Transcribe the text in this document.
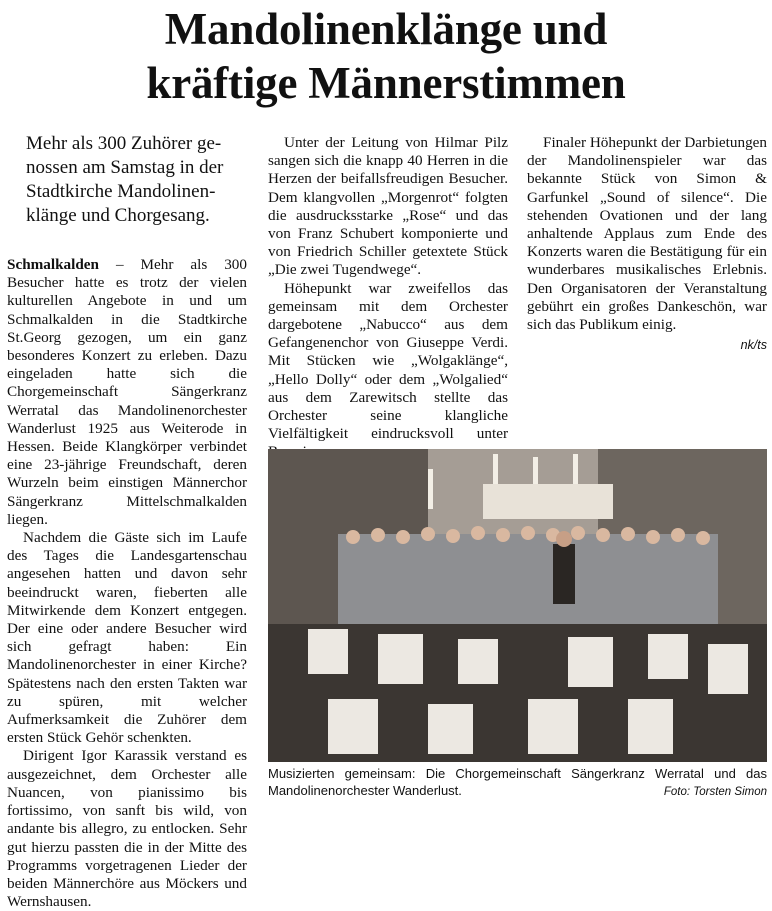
Mandolinenklänge und
kräftige Männerstimmen

Mehr als 300 Zuhörer ge-

nossen am Samstag in der

Stadtkirche Mandolinen-

klänge und Chorgesang.

Schmalkalden – Mehr als 300 Besucher hatte es trotz der vielen kulturellen Angebote in und um Schmalkalden in die Stadtkirche St.Georg gezogen, um ein ganz besonderes Konzert zu erleben. Dazu eingeladen hatte sich die Chorgemeinschaft Sängerkranz Werratal das Mandolinenorchester Wanderlust 1925 aus Weiterode in Hessen. Beide Klangkörper verbindet eine 23-jährige Freundschaft, deren Wurzeln beim einstigen Männerchor Sängerkranz Mittelschmalkalden liegen.

Nachdem die Gäste sich im Laufe des Tages die Landesgartenschau angesehen hatten und davon sehr beeindruckt waren, fieberten alle Mitwirkende dem Konzert entgegen. Der eine oder andere Besucher wird sich gefragt haben: Ein Mandolinenorchester in einer Kirche? Spätestens nach den ersten Takten war zu spüren, mit welcher Aufmerksamkeit die Zuhörer dem ersten Stück Gehör schenkten.

Dirigent Igor Karassik verstand es ausgezeichnet, dem Orchester alle Nuancen, von pianissimo bis fortissimo, von sanft bis wild, von andante bis allegro, zu entlocken. Sehr gut hierzu passten die in der Mitte des Programms vorgetragenen Lieder der beiden Männerchöre aus Möckers und Wernshausen.

Unter der Leitung von Hilmar Pilz sangen sich die knapp 40 Herren in die Herzen der beifallsfreudigen Besucher. Dem klangvollen „Morgenrot“ folgten die ausdrucksstarke „Rose“ und das von Franz Schubert komponierte und von Friedrich Schiller getextete Stück „Die zwei Tugendwege“.

Höhepunkt war zweifellos das gemeinsam mit dem Orchester dargebotene „Nabucco“ aus dem Gefangenenchor von Giuseppe Verdi. Mit Stücken wie „Wolgaklänge“, „Hello Dolly“ oder dem „Wolgalied“ aus dem Zarewitsch stellte das Orchester seine klangliche Vielfältigkeit eindrucksvoll unter

Finaler Höhepunkt der Darbietungen der Mandolinenspieler war das bekannte Stück von Simon & Garfunkel „Sound of silence“. Die stehenden Ovationen und der lang anhaltende Applaus zum Ende des Konzerts waren die Bestätigung für ein wunderbares musikalisches Erlebnis. Den Organisatoren der Veranstaltung gebührt ein großes Dankeschön, war sich das Publikum einig.

nk/ts
Musizierten gemeinsam: Die Chorgemeinschaft Sängerkranz Werratal und das Mandolinenorchester Wanderlust.	Foto: Torsten Simon
